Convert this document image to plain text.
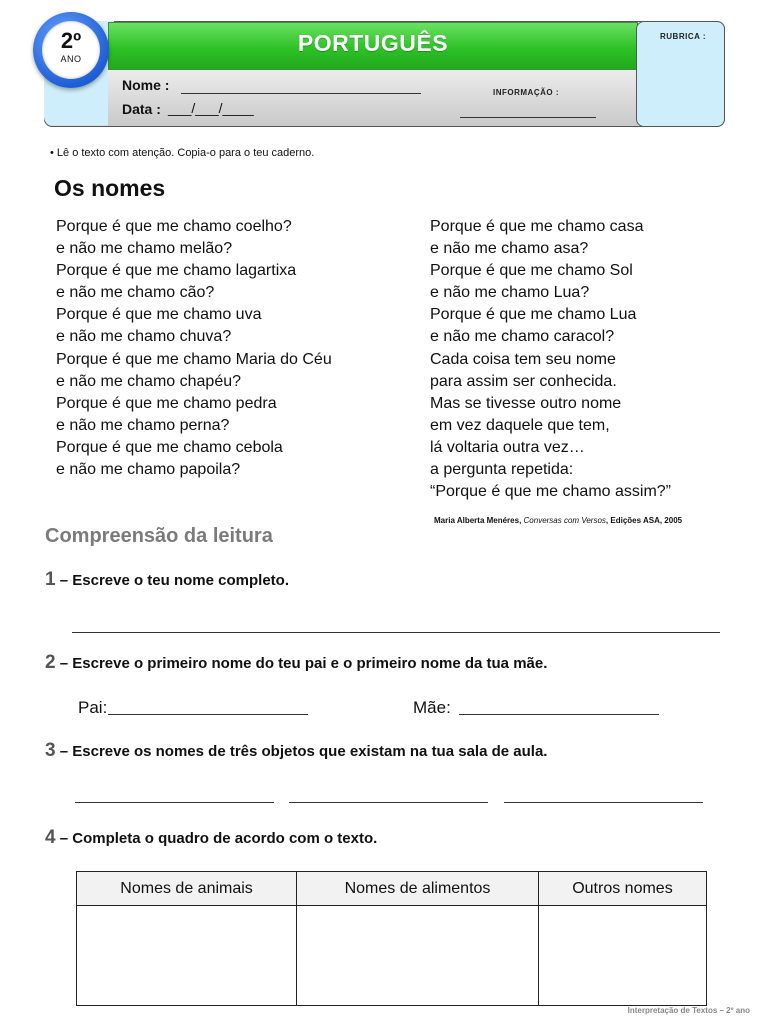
PORTUGUÊS	RUBRICA :
2º
ANO
Nome :
Data : ___/___/____
INFORMAÇÃO :
• Lê o texto com atenção. Copia-o para o teu caderno.
Os nomes
Porque é que me chamo coelho?
e não me chamo melão?
Porque é que me chamo lagartixa
e não me chamo cão?
Porque é que me chamo uva
e não me chamo chuva?
Porque é que me chamo Maria do Céu
e não me chamo chapéu?
Porque é que me chamo pedra
e não me chamo perna?
Porque é que me chamo cebola
e não me chamo papoila?
Porque é que me chamo casa
e não me chamo asa?
Porque é que me chamo Sol
e não me chamo Lua?
Porque é que me chamo Lua
e não me chamo caracol?
Cada coisa tem seu nome
para assim ser conhecida.
Mas se tivesse outro nome
em vez daquele que tem,
lá voltaria outra vez…
a pergunta repetida:
“Porque é que me chamo assim?”
Maria Alberta Menéres, Conversas com Versos, Edições ASA, 2005
Compreensão da leitura
1 – Escreve o teu nome completo.
2 – Escreve o primeiro nome do teu pai e o primeiro nome da tua mãe.
Pai:	Mãe:
3 – Escreve os nomes de três objetos que existam na tua sala de aula.
4 – Completa o quadro de acordo com o texto.
Nomes de animais	Nomes de alimentos	Outros nomes

Interpretação de Textos – 2º ano
